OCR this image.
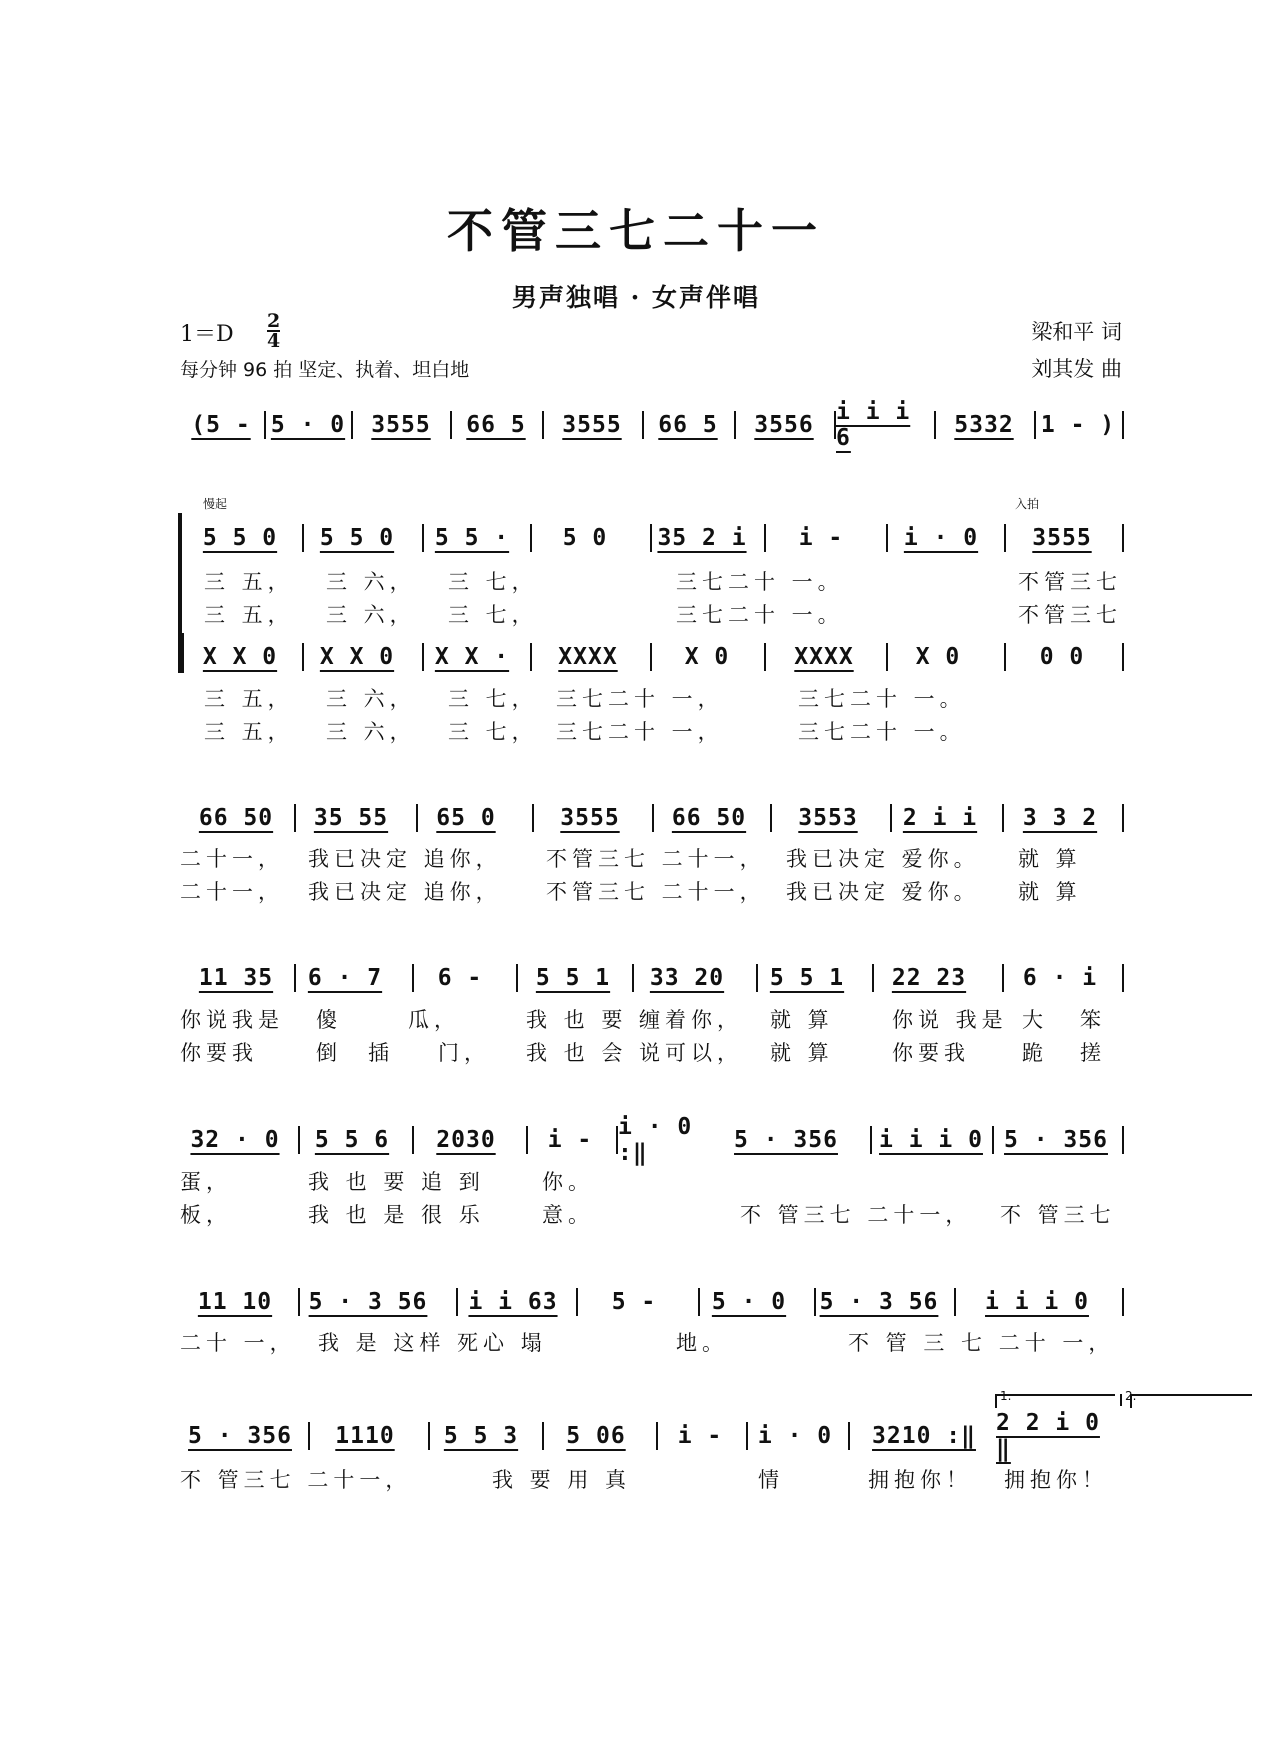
不管三七二十一
男声独唱 · 女声伴唱
$1=D \frac{2}{4}$
每分钟 96 拍 坚定、执着、坦白地
梁和平 词
刘其发 曲
(5 - 5 · 0	3555	66 5	3555	66 5	3556 i i i 6	5332	1 - )
慢起	入拍
5 5 0	5 5 0	5 5 ·	5 0	35 2 i	i -	i · 0	3555
三 五， 三 六， 三 七，	三七二十 一。	不管三七
三 五， 三 六， 三 七，	三七二十 一。	不管三七
X X 0	X X 0	X X ·	XXXX	X 0	XXXX	X 0	0 0
三 五， 三 六， 三 七， 三七二十 一，	三七二十 一。
三 五， 三 六， 三 七， 三七二十 一，	三七二十 一。
66 50	35 55	65 0	3555	66 50	3553	2 i i	3 3 2
二十一， 我已决定 追你， 不管三七 二十一， 我已决定 爱你。 就 算
二十一， 我已决定 追你， 不管三七 二十一， 我已决定 爱你。 就 算
11 35	6 · 7	6 -	5 5 1	33 20	5 5 1	22 23	6 · i
你说我是 傻	瓜，	我 也 要 缠着你， 就 算	你说 我是 大 笨
你要我	倒 插 门， 我 也 会 说可以， 就 算	你要我 跪 搓
32 · 0	5 5 6	2030	i -	i · 0 :‖	5 · 356	i i i 0 5 · 356
蛋，	我 也 要 追 到	你。
板，	我 也 是 很 乐	意。	不 管三七 二十一， 不 管三七
11 10	5 · 3 56	i i 63	5 -	5 · 0	5 · 3 56	i i i 0
二十 一， 我 是 这样 死心 塌	地。	不 管 三 七 二十 一，
1.	2.
5 · 356	1110	5 5 3	5 06	i -	i · 0	3210 :‖ 2 2 i 0 ‖
不 管三七 二十一，	我 要 用 真	情	拥抱你！ 拥抱你！
